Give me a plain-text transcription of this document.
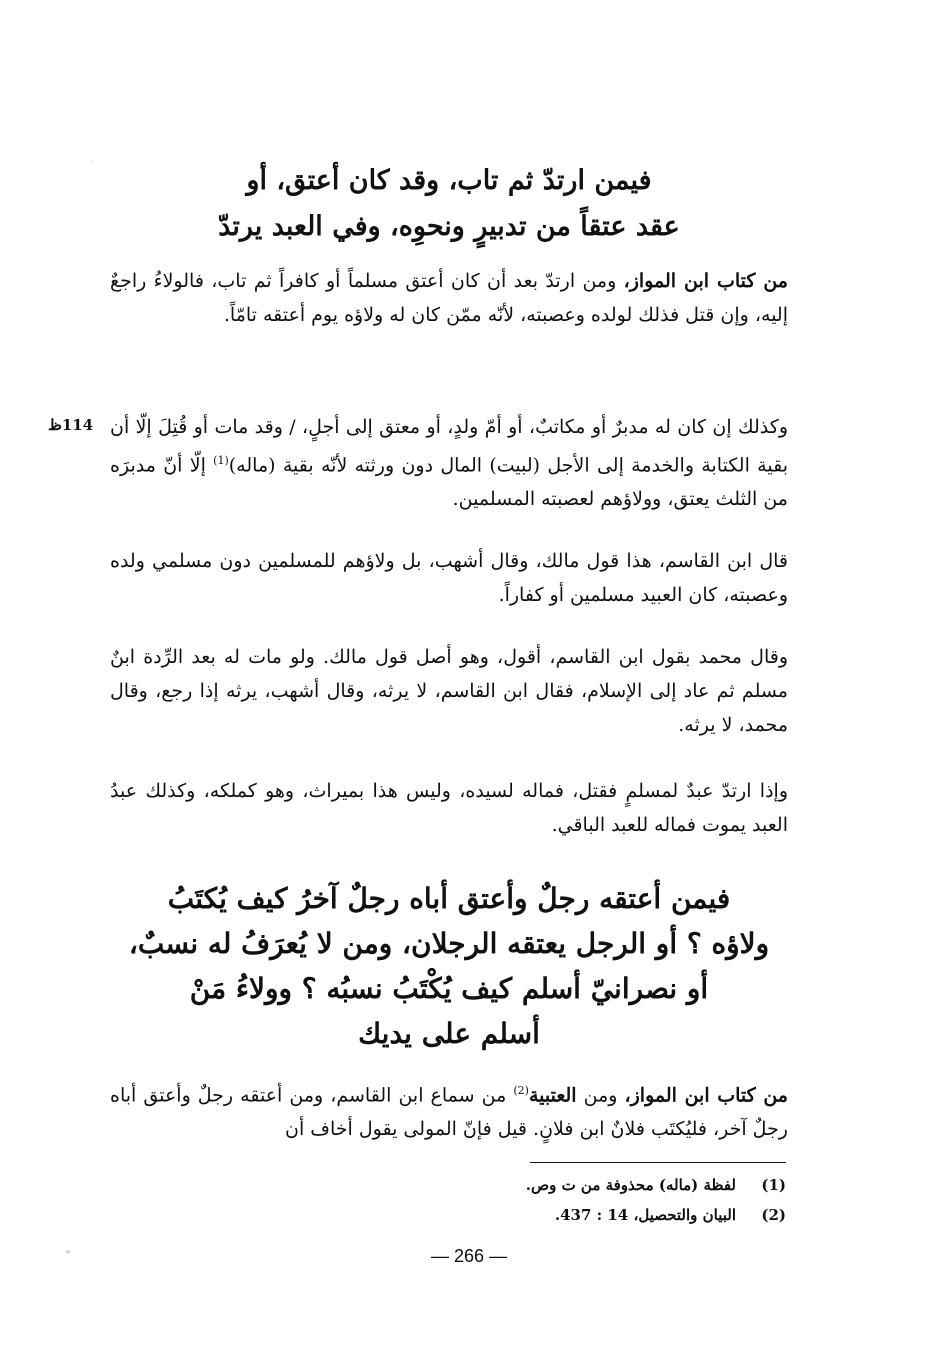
فيمن ارتدّ ثم تاب، وقد كان أعتق، أو
عقد عتقاً من تدبيرٍ ونحوِه، وفي العبد يرتدّ

من كتاب ابن المواز، ومن ارتدّ بعد أن كان أعتق مسلماً أو كافراً ثم تاب، فالولاءُ راجعٌ إليه، وإن قتل فذلك لولده وعصبته، لأنّه ممّن كان له ولاؤه يوم أعتقه تامّاً.

114ظ وكذلك إن كان له مدبرٌ أو مكاتبٌ، أو أمّ ولدٍ، أو معتق إلى أجلٍ، / وقد مات أو قُتِلَ إلّا أن بقية الكتابة والخدمة إلى الأجل (لبيت) المال دون ورثته لأنّه بقية (ماله)$^{(1)}$ إلّا أنّ مدبرَه من الثلث يعتق، وولاؤهم لعصبته المسلمين.

قال ابن القاسم، هذا قول مالك، وقال أشهب، بل ولاؤهم للمسلمين دون مسلمي ولده وعصبته، كان العبيد مسلمين أو كفاراً.

وقال محمد بقول ابن القاسم، أقول، وهو أصل قول مالك. ولو مات له بعد الرِّدة ابنٌ مسلم ثم عاد إلى الإسلام، فقال ابن القاسم، لا يرثه، وقال أشهب، يرثه إذا رجع، وقال محمد، لا يرثه.

وإذا ارتدّ عبدٌ لمسلمٍ فقتل، فماله لسيده، وليس هذا بميراث، وهو كملكه، وكذلك عبدُ العبد يموت فماله للعبد الباقي.

فيمن أعتقه رجلٌ وأعتق أباه رجلٌ آخرُ كيف يُكتَبُ
ولاؤه ؟ أو الرجل يعتقه الرجلان، ومن لا يُعرَفُ له نسبٌ،
أو نصرانيّ أسلم كيف يُكْتَبُ نسبُه ؟ وولاءُ مَنْ
أسلم على يديك

من كتاب ابن المواز، ومن العتبية$^{(2)}$ من سماع ابن القاسم، ومن أعتقه رجلٌ وأعتق أباه رجلٌ آخر، فليُكتَب فلانٌ ابن فلانٍ. قيل فإنّ المولى يقول أخاف أن

(1)
لفظة (ماله) محذوفة من ت وص.
(2)
البيان والتحصيل، 14 : 437.
״	— 266 —
